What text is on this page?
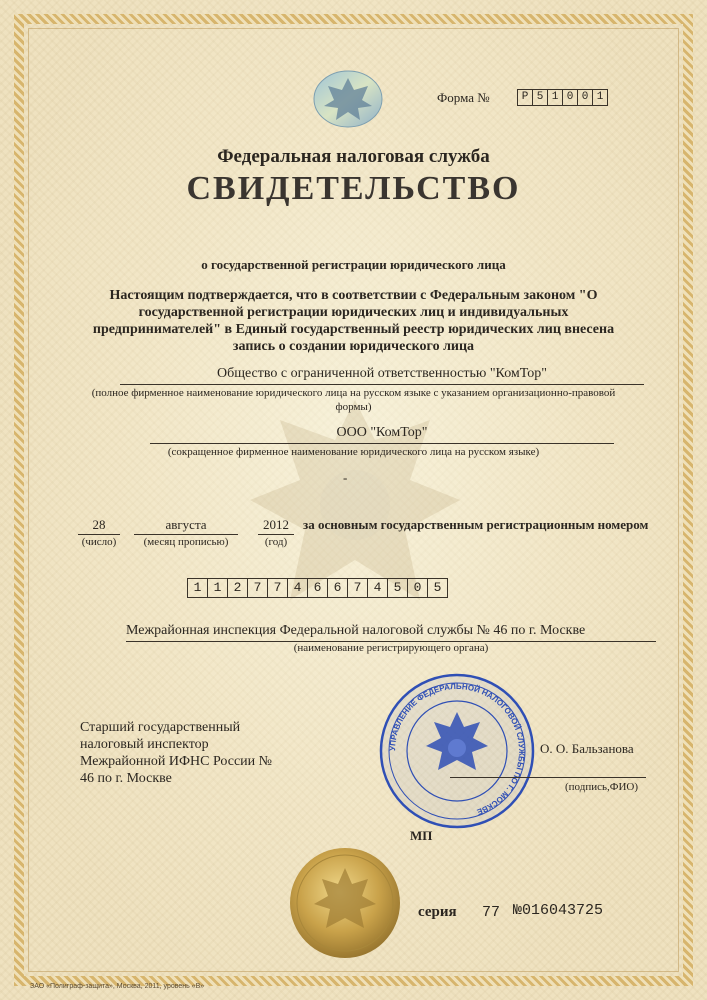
Форма №	Р 5 1 0 0 1
Федеральная налоговая служба
СВИДЕТЕЛЬСТВО
о государственной регистрации юридического лица
Настоящим подтверждается, что в соответствии с Федеральным законом "О государственной регистрации юридических лиц и индивидуальных предпринимателей" в Единый государственный реестр юридических лиц внесена запись о создании юридического лица
Общество с ограниченной ответственностью "КомТор"
(полное фирменное наименование юридического лица на русском языке с указанием организационно-правовой формы)
ООО "КомТор"
(сокращенное фирменное наименование юридического лица на русском языке)
-
28
(число)
августа
(месяц прописью)
2012
(год)
за основным государственным регистрационным номером
1 1 2 7 7 4 6 6 7 4 5 0 5
Межрайонная инспекция Федеральной налоговой службы № 46 по г. Москве
(наименование регистрирующего органа)
УПРАВЛЕНИЕ ФЕДЕРАЛЬНОЙ НАЛОГОВОЙ СЛУЖБЫ ПО Г. МОСКВЕ
Старший государственный налоговый инспектор Межрайонной ИФНС России № 46 по г. Москве
О. О. Бальзанова
(подпись,ФИО)
МП
серия 77 №016043725
ЗАО «Полиграф-защита», Москва, 2011, уровень «В»
